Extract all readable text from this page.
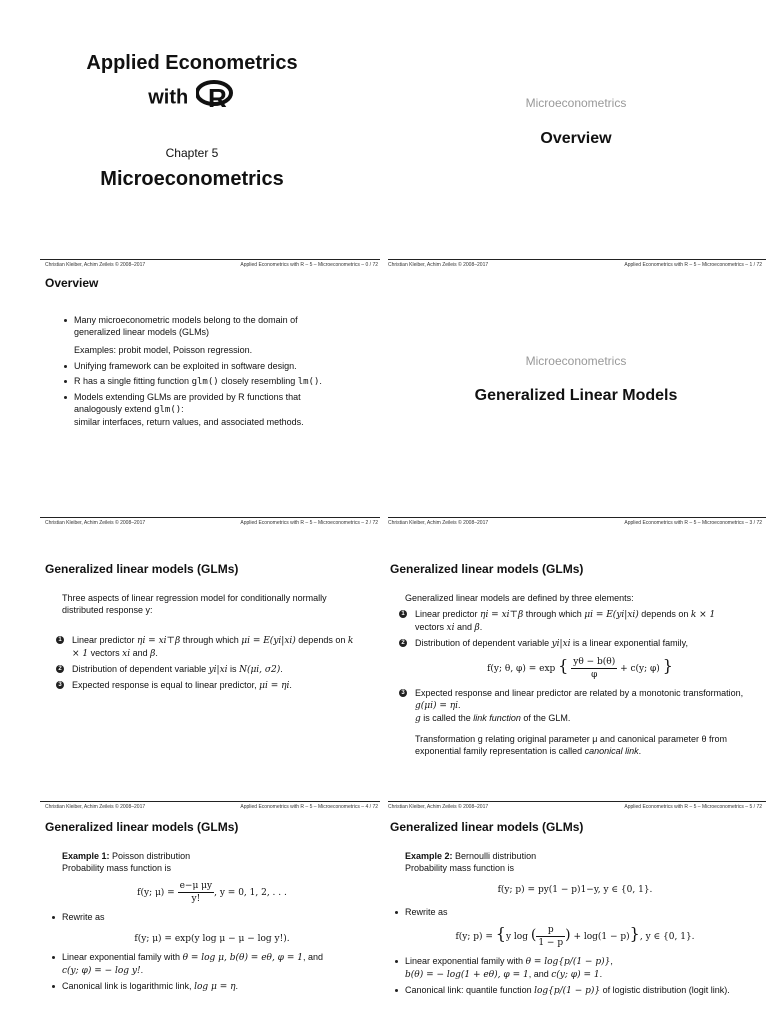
Applied Econometrics
with R
Chapter 5
Microeconometrics
Microeconometrics
Overview
Christian Kleiber, Achim Zeileis © 2008–2017	Applied Econometrics with R – 5 – Microeconometrics – 0 / 72 Christian Kleiber, Achim Zeileis © 2008–2017	Applied Econometrics with R – 5 – Microeconometrics – 1 / 72
Overview
Many microeconometric models belong to the domain of generalized linear models (GLMs)

Examples: probit model, Poisson regression.

Unifying framework can be exploited in software design.
R has a single fitting function glm() closely resembling lm().
Models extending GLMs are provided by R functions that analogously extend glm():
similar interfaces, return values, and associated methods.
Microeconometrics
Generalized Linear Models
Christian Kleiber, Achim Zeileis © 2008–2017	Applied Econometrics with R – 5 – Microeconometrics – 2 / 72 Christian Kleiber, Achim Zeileis © 2008–2017	Applied Econometrics with R – 5 – Microeconometrics – 3 / 72
Generalized linear models (GLMs)

Three aspects of linear regression model for conditionally normally distributed response y:

1 Linear predictor ηi = xi⊤β through which μi = E(yi|xi) depends on k × 1 vectors xi and β.
2 Distribution of dependent variable yi|xi is N(μi, σ2).
3 Expected response is equal to linear predictor, μi = ηi.
Generalized linear models (GLMs)

Generalized linear models are defined by three elements:

1 Linear predictor ηi = xi⊤β through which μi = E(yi|xi) depends on k × 1 vectors xi and β.
2 Distribution of dependent variable yi|xi is a linear exponential family,
f(y; θ, φ) = exp { $\frac{y\theta - b(\theta)}{\varphi} + c(y$; φ) }
3 Expected response and linear predictor are related by a monotonic transformation, g(μi) = ηi.
g is called the link function of the GLM.

Transformation g relating original parameter μ and canonical parameter θ from exponential family representation is called canonical link.

Christian Kleiber, Achim Zeileis © 2008–2017	Applied Econometrics with R – 5 – Microeconometrics – 4 / 72 Christian Kleiber, Achim Zeileis © 2008–2017	Applied Econometrics with R – 5 – Microeconometrics – 5 / 72
Generalized linear models (GLMs)

Example 1: Poisson distribution

Probability mass function is

f(y; $\mu) = \frac{\text{e−μ μy}}{y!}$ , y = 0, 1, 2, . . .
Rewrite as
f(y; μ) = exp(y log μ − μ − log y!).
Linear exponential family with θ = log μ, b(θ) = eθ, φ = 1, and
c(y; φ) = − log y!.
Canonical link is logarithmic link, log μ = η.
Generalized linear models (GLMs)

Example 2: Bernoulli distribution

Probability mass function is

f(y; p) = py(1 − p)1−y, y ∈ {0, 1}.
Rewrite as
f(y; p) = {y log ( $\frac{p}{1 - p}$ ) + log(1 − p)}, y ∈ {0, 1}.
Linear exponential family with θ = log{p/(1 − p)},
b(θ) = − log(1 + eθ), φ = 1, and c(y; φ) = 1.
Canonical link: quantile function log{p/(1 − p)} of logistic distribution (logit link).
